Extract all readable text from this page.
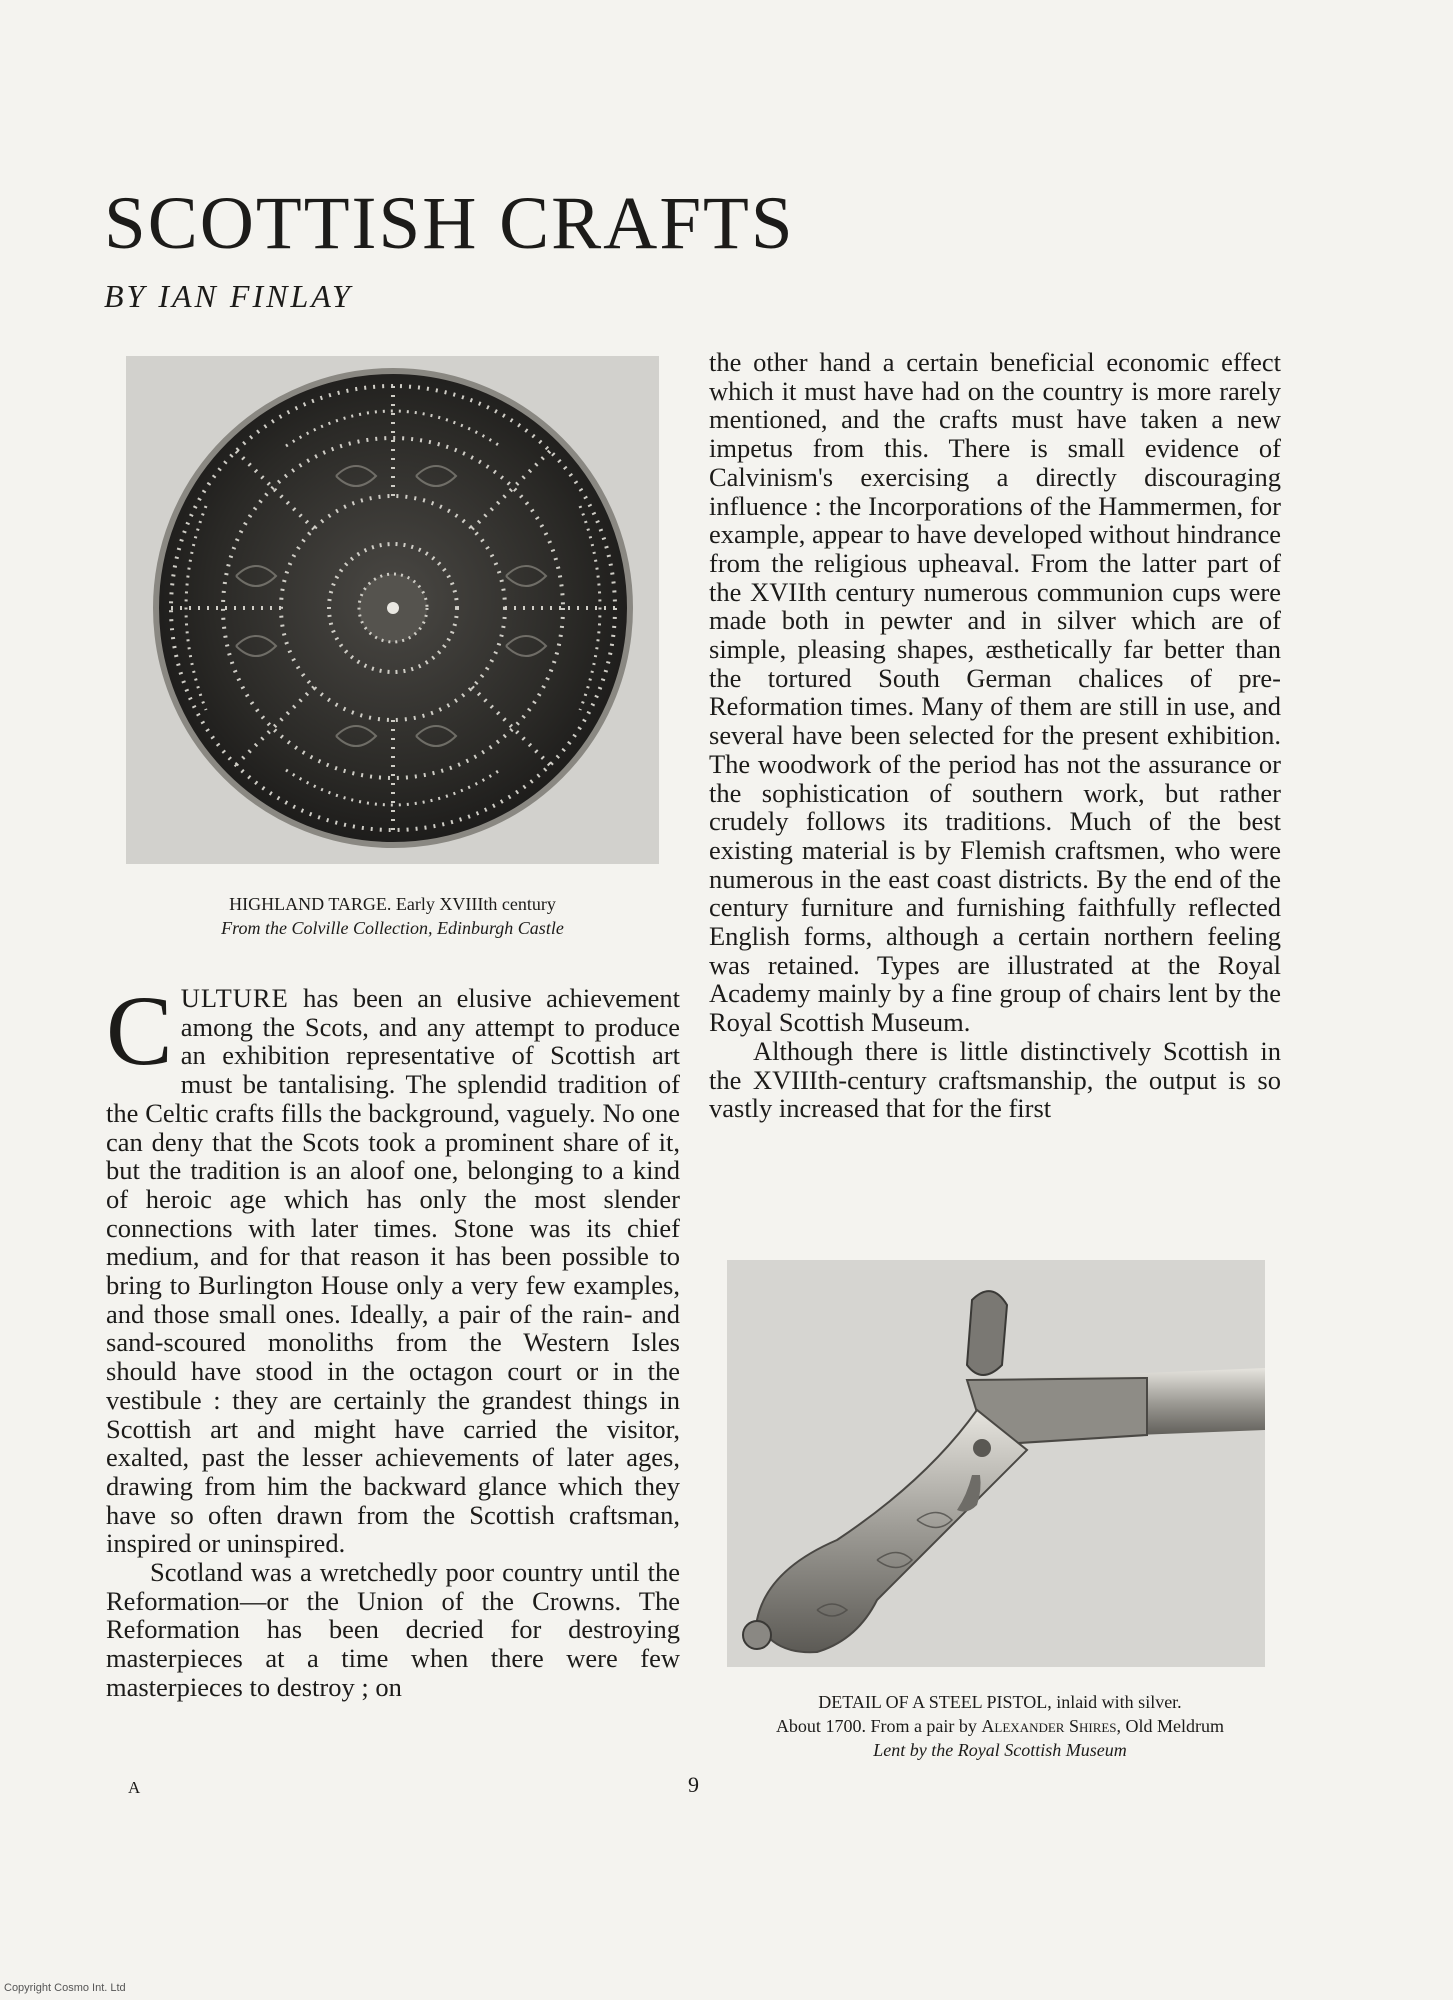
SCOTTISH CRAFTS
BY IAN FINLAY
HIGHLAND TARGE. Early XVIIIth century
From the Colville Collection, Edinburgh Castle

CULTURE has been an elusive achievement among the Scots, and any attempt to produce an exhibition representative of Scottish art must be tantalising. The splendid tradition of the Celtic crafts fills the background, vaguely. No one can deny that the Scots took a prominent share of it, but the tradition is an aloof one, belonging to a kind of heroic age which has only the most slender connections with later times. Stone was its chief medium, and for that reason it has been possible to bring to Burlington House only a very few examples, and those small ones. Ideally, a pair of the rain- and sand-scoured monoliths from the Western Isles should have stood in the octagon court or in the vestibule : they are certainly the grandest things in Scottish art and might have carried the visitor, exalted, past the lesser achievements of later ages, drawing from him the backward glance which they have so often drawn from the Scottish craftsman, inspired or uninspired.

Scotland was a wretchedly poor country until the Reformation—or the Union of the Crowns. The Reformation has been decried for destroying masterpieces at a time when there were few masterpieces to destroy ; on

the other hand a certain beneficial economic effect which it must have had on the country is more rarely mentioned, and the crafts must have taken a new impetus from this. There is small evidence of Calvinism's exercising a directly discouraging influence : the Incorporations of the Hammermen, for example, appear to have developed without hindrance from the religious upheaval. From the latter part of the XVIIth century numerous communion cups were made both in pewter and in silver which are of simple, pleasing shapes, æsthetically far better than the tortured South German chalices of pre-Reformation times. Many of them are still in use, and several have been selected for the present exhibition. The woodwork of the period has not the assurance or the sophistication of southern work, but rather crudely follows its traditions. Much of the best existing material is by Flemish craftsmen, who were numerous in the east coast districts. By the end of the century furniture and furnishing faithfully reflected English forms, although a certain northern feeling was retained. Types are illustrated at the Royal Academy mainly by a fine group of chairs lent by the Royal Scottish Museum.

Although there is little distinctively Scottish in the XVIIIth-century craftsmanship, the output is so vastly increased that for the first

DETAIL OF A STEEL PISTOL, inlaid with silver.
About 1700. From a pair by Alexander Shires, Old Meldrum
Lent by the Royal Scottish Museum
A	9
Copyright Cosmo Int. Ltd
